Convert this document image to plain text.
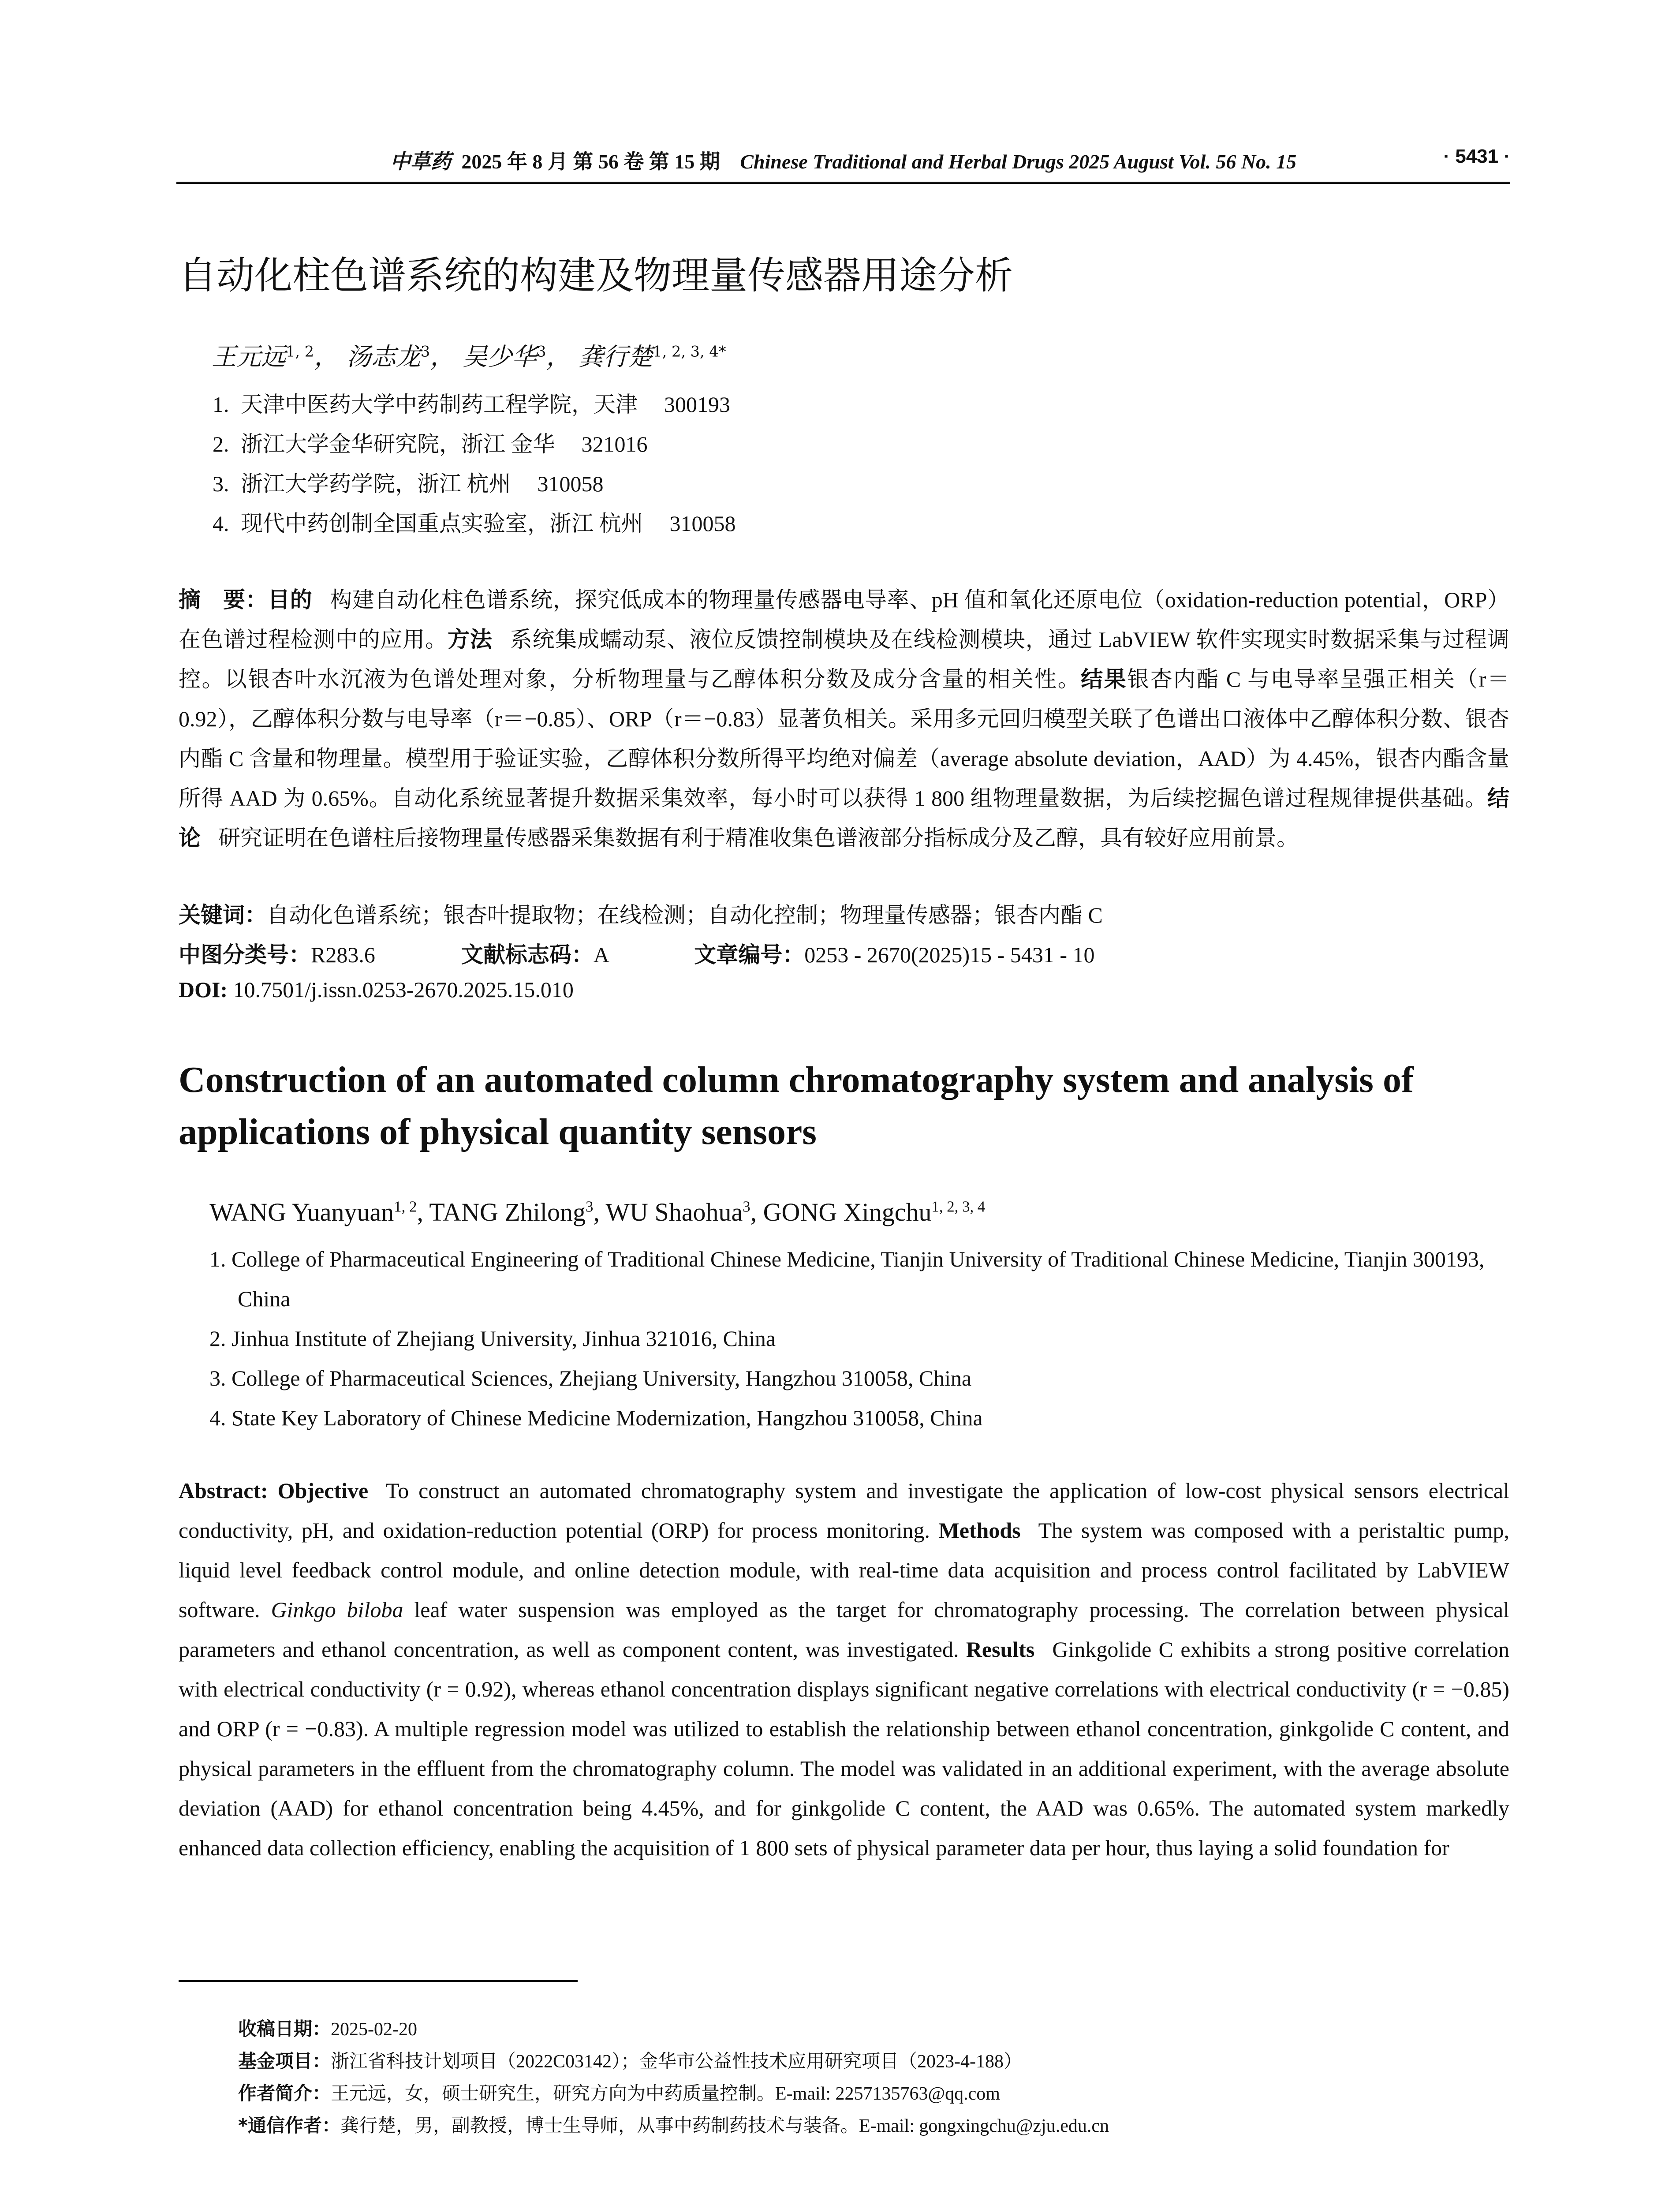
中草药 2025 年 8 月 第 56 卷 第 15 期 Chinese Traditional and Herbal Drugs 2025 August Vol. 56 No. 15	· 5431 ·
自动化柱色谱系统的构建及物理量传感器用途分析
王元远$^{1, 2}$， 汤志龙$^3$， 吴少华$^3$， 龚行楚$^{1, 2, 3, 4*}$
1. 天津中医药大学中药制药工程学院，天津 300193
2. 浙江大学金华研究院，浙江 金华 321016
3. 浙江大学药学院，浙江 杭州 310058
4. 现代中药创制全国重点实验室，浙江 杭州 310058

摘　要：目的 构建自动化柱色谱系统，探究低成本的物理量传感器电导率、pH 值和氧化还原电位（oxidation-reduction potential，ORP）在色谱过程检测中的应用。方法 系统集成蠕动泵、液位反馈控制模块及在线检测模块，通过 LabVIEW 软件实现实时数据采集与过程调控。以银杏叶水沉液为色谱处理对象，分析物理量与乙醇体积分数及成分含量的相关性。结果银杏内酯 C 与电导率呈强正相关（r＝0.92），乙醇体积分数与电导率（r＝−0.85）、ORP（r＝−0.83）显著负相关。采用多元回归模型关联了色谱出口液体中乙醇体积分数、银杏内酯 C 含量和物理量。模型用于验证实验，乙醇体积分数所得平均绝对偏差（average absolute deviation，AAD）为 4.45%，银杏内酯含量所得 AAD 为 0.65%。自动化系统显著提升数据采集效率，每小时可以获得 1 800 组物理量数据，为后续挖掘色谱过程规律提供基础。结论 研究证明在色谱柱后接物理量传感器采集数据有利于精准收集色谱液部分指标成分及乙醇，具有较好应用前景。

关键词：自动化色谱系统；银杏叶提取物；在线检测；自动化控制；物理量传感器；银杏内酯 C
中图分类号：R283.6	文献标志码：A	文章编号：0253 - 2670(2025)15 - 5431 - 10
DOI: 10.7501/j.issn.0253-2670.2025.15.010
Construction of an automated column chromatography system and analysis of applications of physical quantity sensors
WANG Yuanyuan$^{1, 2}$, TANG Zhilong$^3$, WU Shaohua$^3$, GONG Xingchu$^{1, 2, 3, 4}$
1. College of Pharmaceutical Engineering of Traditional Chinese Medicine, Tianjin University of Traditional Chinese Medicine, Tianjin 300193, China
2. Jinhua Institute of Zhejiang University, Jinhua 321016, China
3. College of Pharmaceutical Sciences, Zhejiang University, Hangzhou 310058, China
4. State Key Laboratory of Chinese Medicine Modernization, Hangzhou 310058, China
Abstract: Objective To construct an automated chromatography system and investigate the application of low-cost physical sensors electrical conductivity, pH, and oxidation-reduction potential (ORP) for process monitoring. Methods The system was composed with a peristaltic pump, liquid level feedback control module, and online detection module, with real-time data acquisition and process control facilitated by LabVIEW software. Ginkgo biloba leaf water suspension was employed as the target for chromatography processing. The correlation between physical parameters and ethanol concentration, as well as component content, was investigated. Results Ginkgolide C exhibits a strong positive correlation with electrical conductivity (r = 0.92), whereas ethanol concentration displays significant negative correlations with electrical conductivity (r = −0.85) and ORP (r = −0.83). A multiple regression model was utilized to establish the relationship between ethanol concentration, ginkgolide C content, and physical parameters in the effluent from the chromatography column. The model was validated in an additional experiment, with the average absolute deviation (AAD) for ethanol concentration being 4.45%, and for ginkgolide C content, the AAD was 0.65%. The automated system markedly enhanced data collection efficiency, enabling the acquisition of 1 800 sets of physical parameter data per hour, thus laying a solid foundation for
收稿日期：2025-02-20
基金项目：浙江省科技计划项目（2022C03142）；金华市公益性技术应用研究项目（2023-4-188）
作者简介：王元远，女，硕士研究生，研究方向为中药质量控制。E-mail: 2257135763@qq.com
*通信作者：龚行楚，男，副教授，博士生导师，从事中药制药技术与装备。E-mail: gongxingchu@zju.edu.cn
